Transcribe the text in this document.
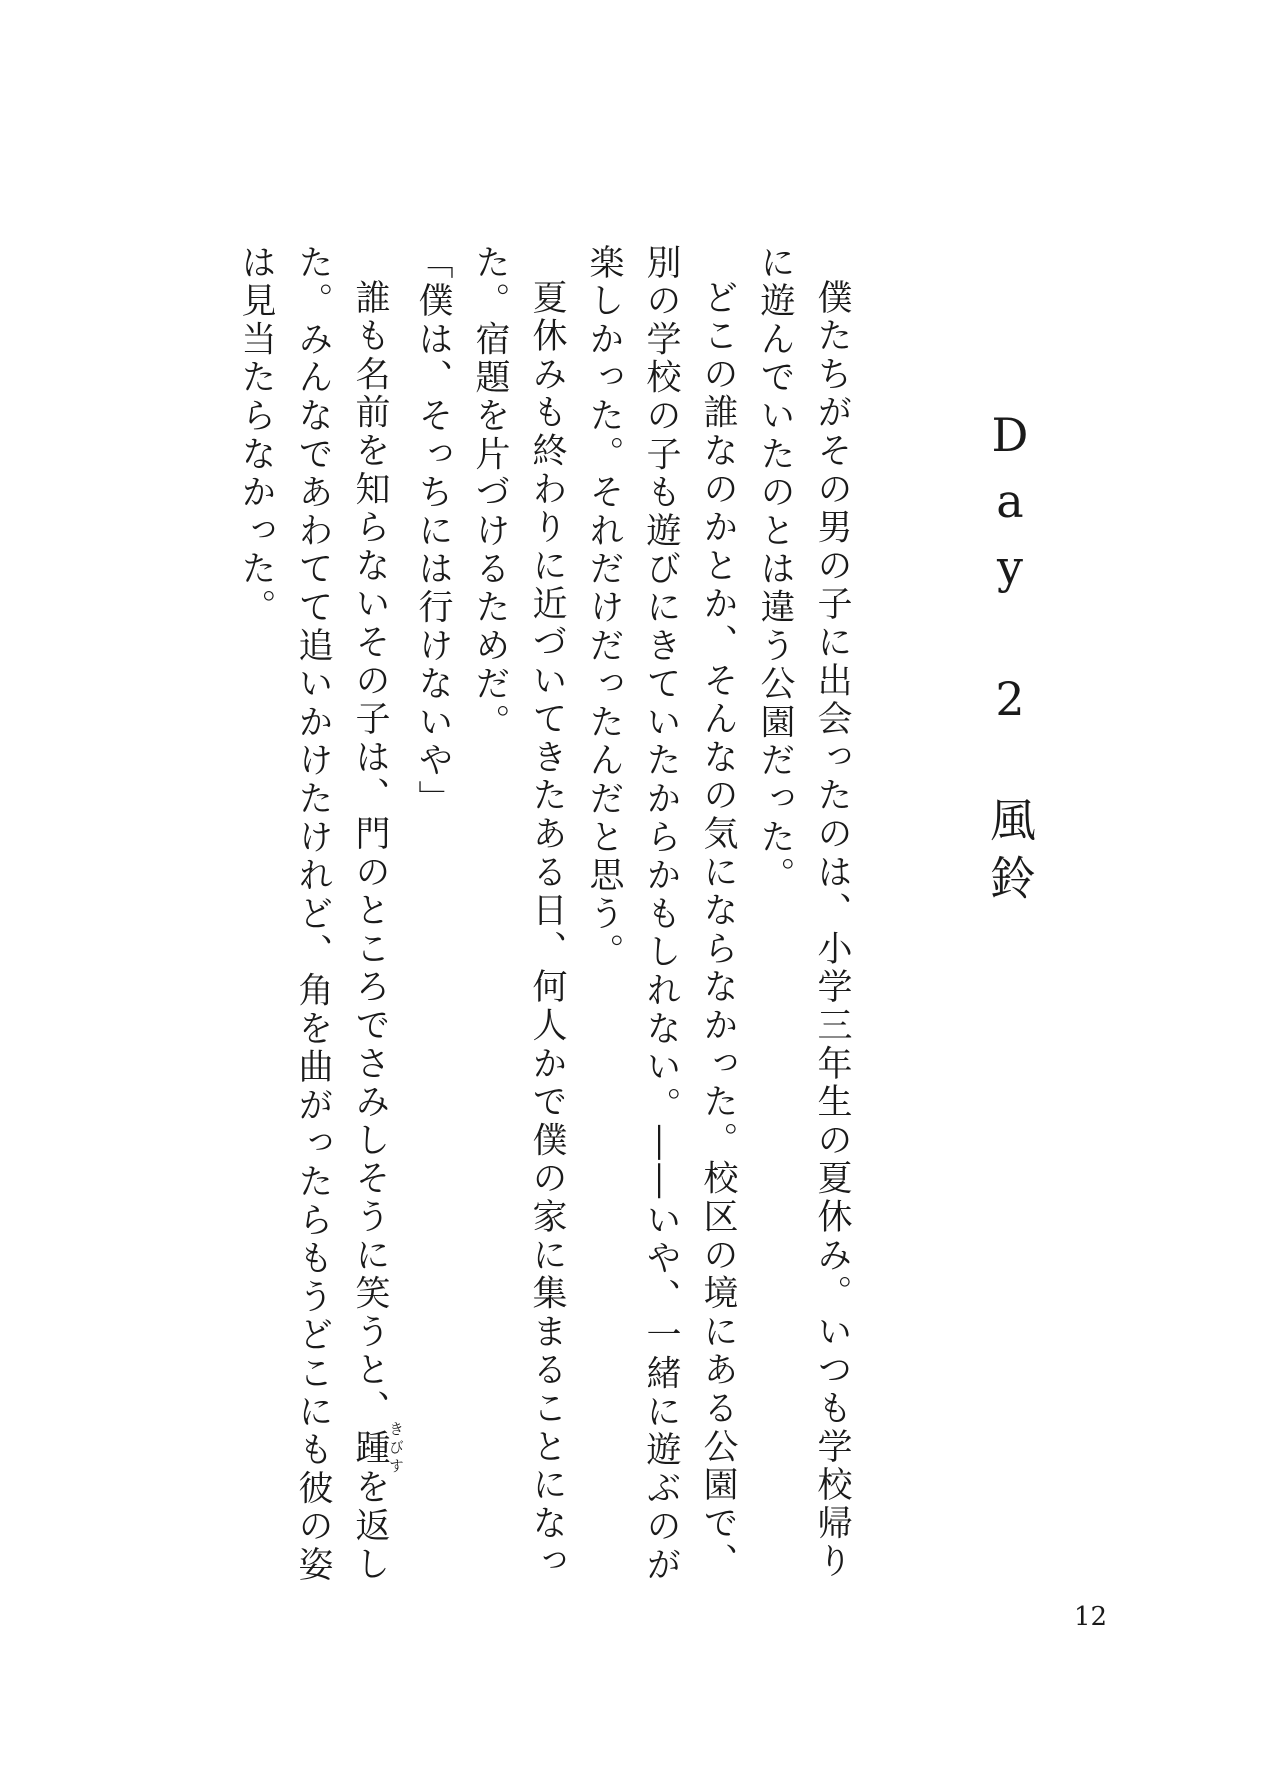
Day 2　風鈴

僕たちがその男の子に出会ったのは、小学三年生の夏休み。いつも学校帰りに遊んでいたのとは違う公園だった。

どこの誰なのかとか、そんなの気にならなかった。校区の境にある公園で、別の学校の子も遊びにきていたからかもしれない。――いや、一緒に遊ぶのが楽しかった。それだけだったんだと思う。

夏休みも終わりに近づいてきたある日、何人かで僕の家に集まることになった。宿題を片づけるためだ。

「僕は、そっちには行けないや」

誰も名前を知らないその子は、門のところでさみしそうに笑うと、踵きびすを返した。みんなであわてて追いかけたけれど、角を曲がったらもうどこにも彼の姿は見当たらなかった。

12
